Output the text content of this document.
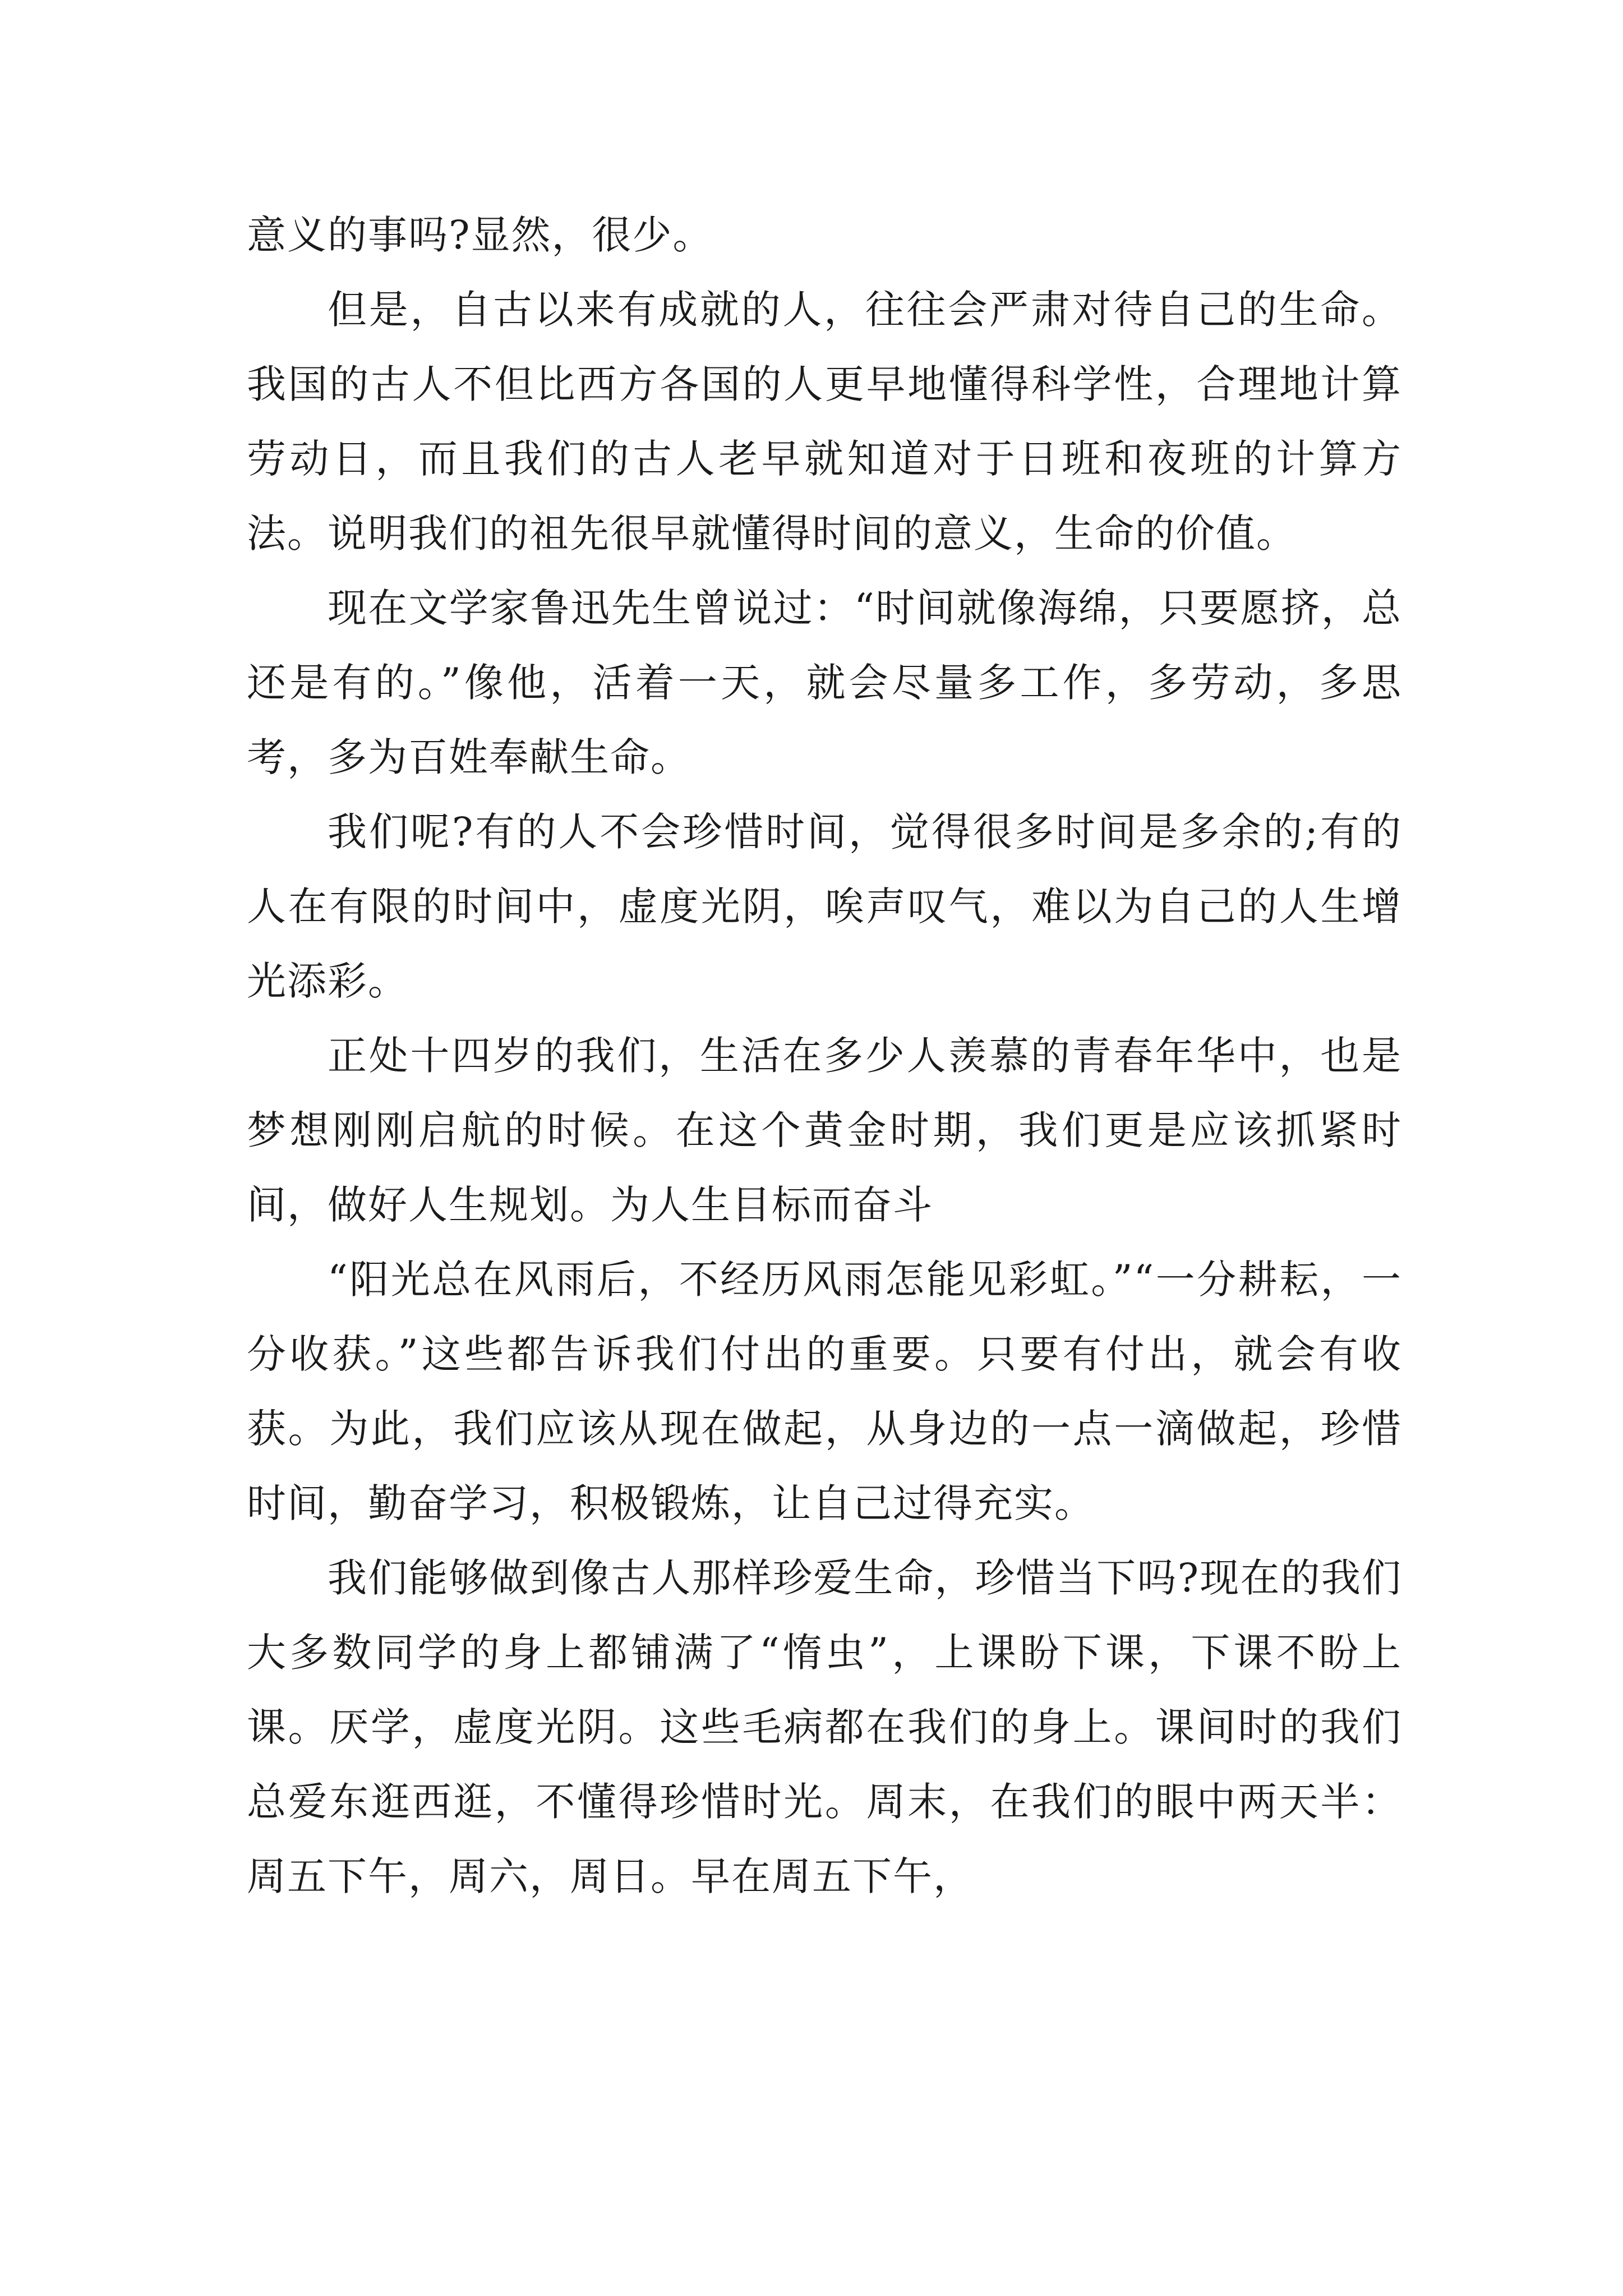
意义的事吗?显然，很少。

但是，自古以来有成就的人，往往会严肃对待自己的生命。我国的古人不但比西方各国的人更早地懂得科学性，合理地计算劳动日，而且我们的古人老早就知道对于日班和夜班的计算方法。说明我们的祖先很早就懂得时间的意义，生命的价值。

现在文学家鲁迅先生曾说过：“时间就像海绵，只要愿挤，总还是有的。”像他，活着一天，就会尽量多工作，多劳动，多思考，多为百姓奉献生命。

我们呢?有的人不会珍惜时间，觉得很多时间是多余的;有的人在有限的时间中，虚度光阴，唉声叹气，难以为自己的人生增光添彩。

正处十四岁的我们，生活在多少人羡慕的青春年华中，也是梦想刚刚启航的时候。在这个黄金时期，我们更是应该抓紧时间，做好人生规划。为人生目标而奋斗

“阳光总在风雨后，不经历风雨怎能见彩虹。”“一分耕耘，一分收获。”这些都告诉我们付出的重要。只要有付出，就会有收获。为此，我们应该从现在做起，从身边的一点一滴做起，珍惜时间，勤奋学习，积极锻炼，让自己过得充实。

我们能够做到像古人那样珍爱生命，珍惜当下吗?现在的我们大多数同学的身上都铺满了“惰虫”，上课盼下课，下课不盼上课。厌学，虚度光阴。这些毛病都在我们的身上。课间时的我们总爱东逛西逛，不懂得珍惜时光。周末，在我们的眼中两天半：周五下午，周六，周日。早在周五下午，
